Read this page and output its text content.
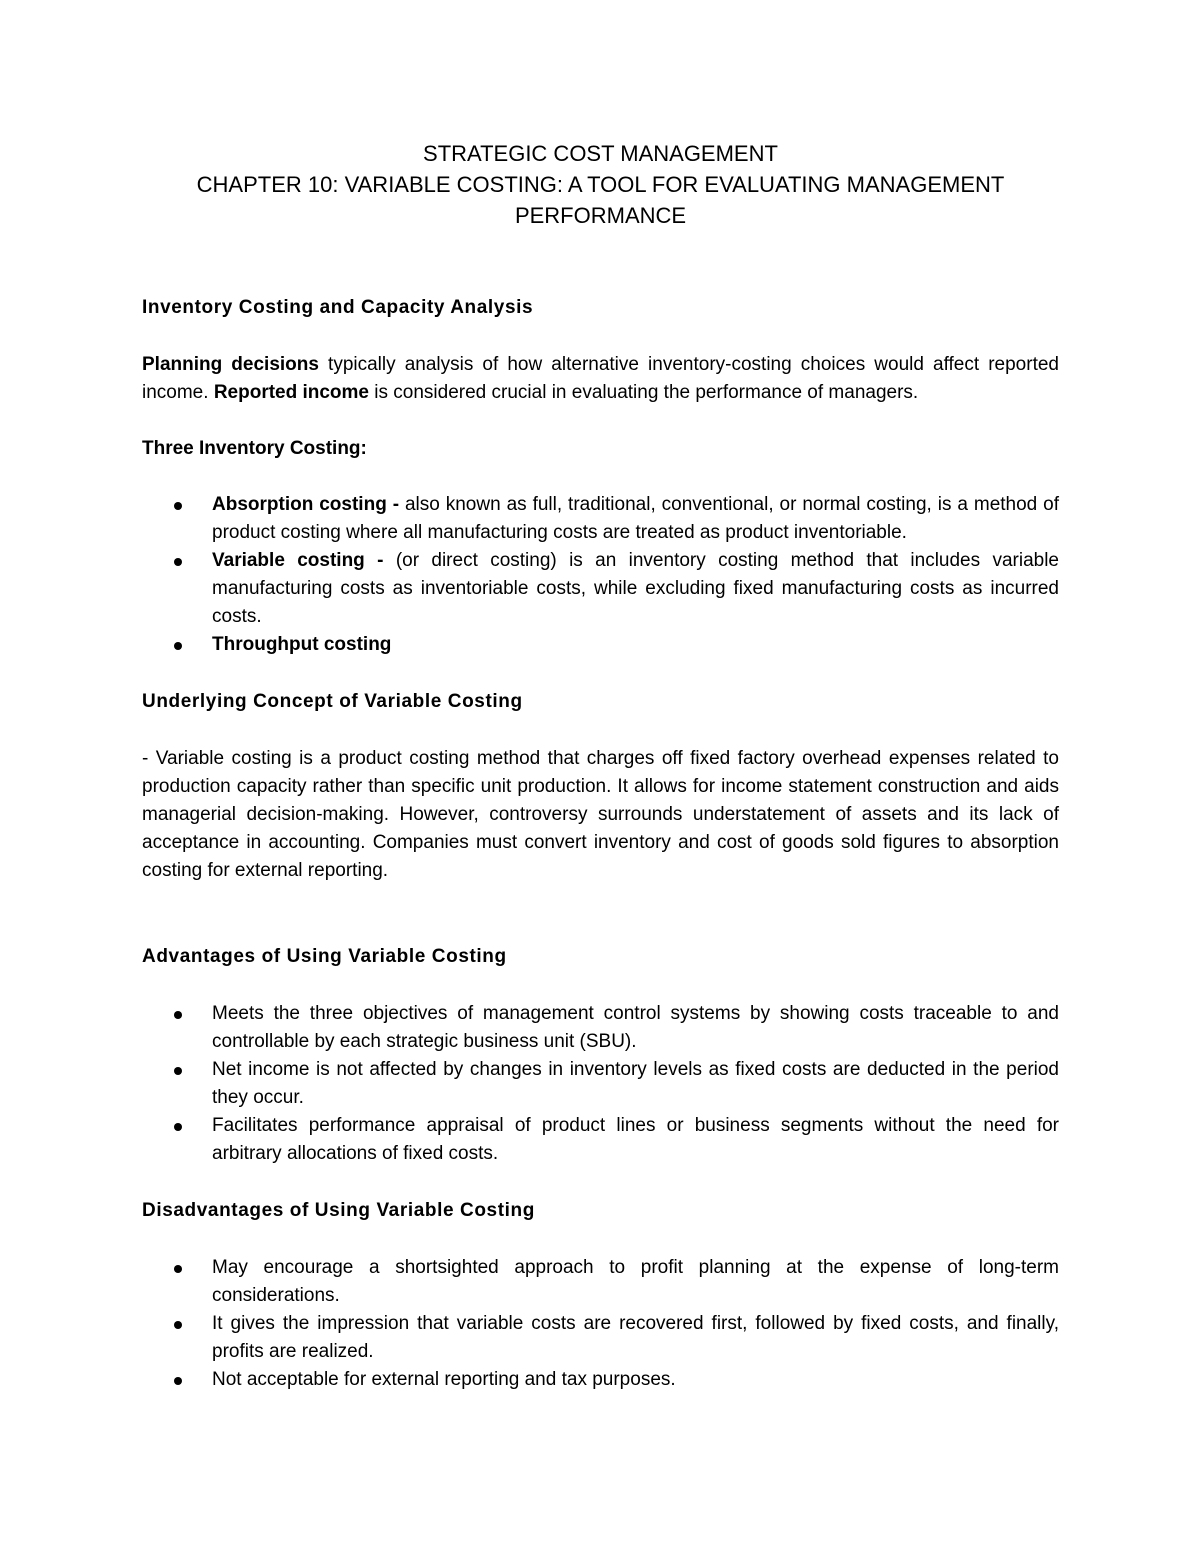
STRATEGIC COST MANAGEMENT

CHAPTER 10: VARIABLE COSTING: A TOOL FOR EVALUATING MANAGEMENT

PERFORMANCE

Inventory Costing and Capacity Analysis

Planning decisions typically analysis of how alternative inventory-costing choices would affect reported income. Reported income is considered crucial in evaluating the performance of managers.

Three Inventory Costing:

Absorption costing - also known as full, traditional, conventional, or normal costing, is a method of product costing where all manufacturing costs are treated as product inventoriable.
Variable costing - (or direct costing) is an inventory costing method that includes variable manufacturing costs as inventoriable costs, while excluding fixed manufacturing costs as incurred costs.
Throughput costing
Underlying Concept of Variable Costing

- Variable costing is a product costing method that charges off fixed factory overhead expenses related to production capacity rather than specific unit production. It allows for income statement construction and aids managerial decision-making. However, controversy surrounds understatement of assets and its lack of acceptance in accounting. Companies must convert inventory and cost of goods sold figures to absorption costing for external reporting.

Advantages of Using Variable Costing
Meets the three objectives of management control systems by showing costs traceable to and controllable by each strategic business unit (SBU).
Net income is not affected by changes in inventory levels as fixed costs are deducted in the period they occur.
Facilitates performance appraisal of product lines or business segments without the need for arbitrary allocations of fixed costs.
Disadvantages of Using Variable Costing
May encourage a shortsighted approach to profit planning at the expense of long-term considerations.
It gives the impression that variable costs are recovered first, followed by fixed costs, and finally, profits are realized.
Not acceptable for external reporting and tax purposes.
